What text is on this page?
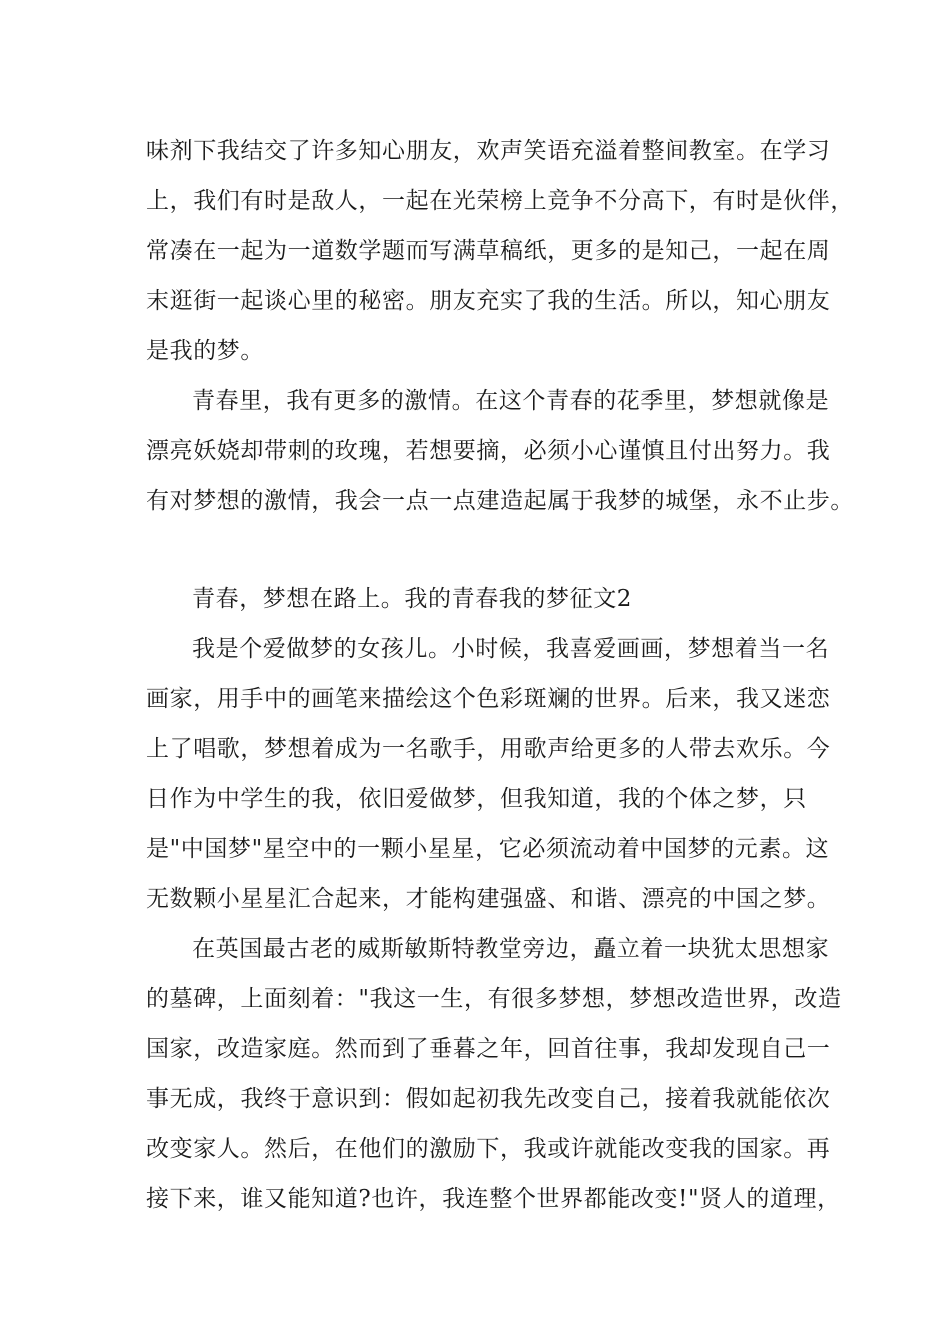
味剂下我结交了许多知心朋友，欢声笑语充溢着整间教室。在学习
上，我们有时是敌人，一起在光荣榜上竞争不分高下，有时是伙伴，
常凑在一起为一道数学题而写满草稿纸，更多的是知己，一起在周
末逛街一起谈心里的秘密。朋友充实了我的生活。所以，知心朋友
是我的梦。
青春里，我有更多的激情。在这个青春的花季里，梦想就像是
漂亮妖娆却带刺的玫瑰，若想要摘，必须小心谨慎且付出努力。我
有对梦想的激情，我会一点一点建造起属于我梦的城堡，永不止步。
青春，梦想在路上。我的青春我的梦征文2
我是个爱做梦的女孩儿。小时候，我喜爱画画，梦想着当一名
画家，用手中的画笔来描绘这个色彩斑斓的世界。后来，我又迷恋
上了唱歌，梦想着成为一名歌手，用歌声给更多的人带去欢乐。今
日作为中学生的我，依旧爱做梦，但我知道，我的个体之梦，只
是"中国梦"星空中的一颗小星星，它必须流动着中国梦的元素。这
无数颗小星星汇合起来，才能构建强盛、和谐、漂亮的中国之梦。
在英国最古老的威斯敏斯特教堂旁边，矗立着一块犹太思想家
的墓碑，上面刻着："我这一生，有很多梦想，梦想改造世界，改造
国家，改造家庭。然而到了垂暮之年，回首往事，我却发现自己一
事无成，我终于意识到：假如起初我先改变自己，接着我就能依次
改变家人。然后，在他们的激励下，我或许就能改变我的国家。再
接下来，谁又能知道?也许，我连整个世界都能改变!"贤人的道理，
